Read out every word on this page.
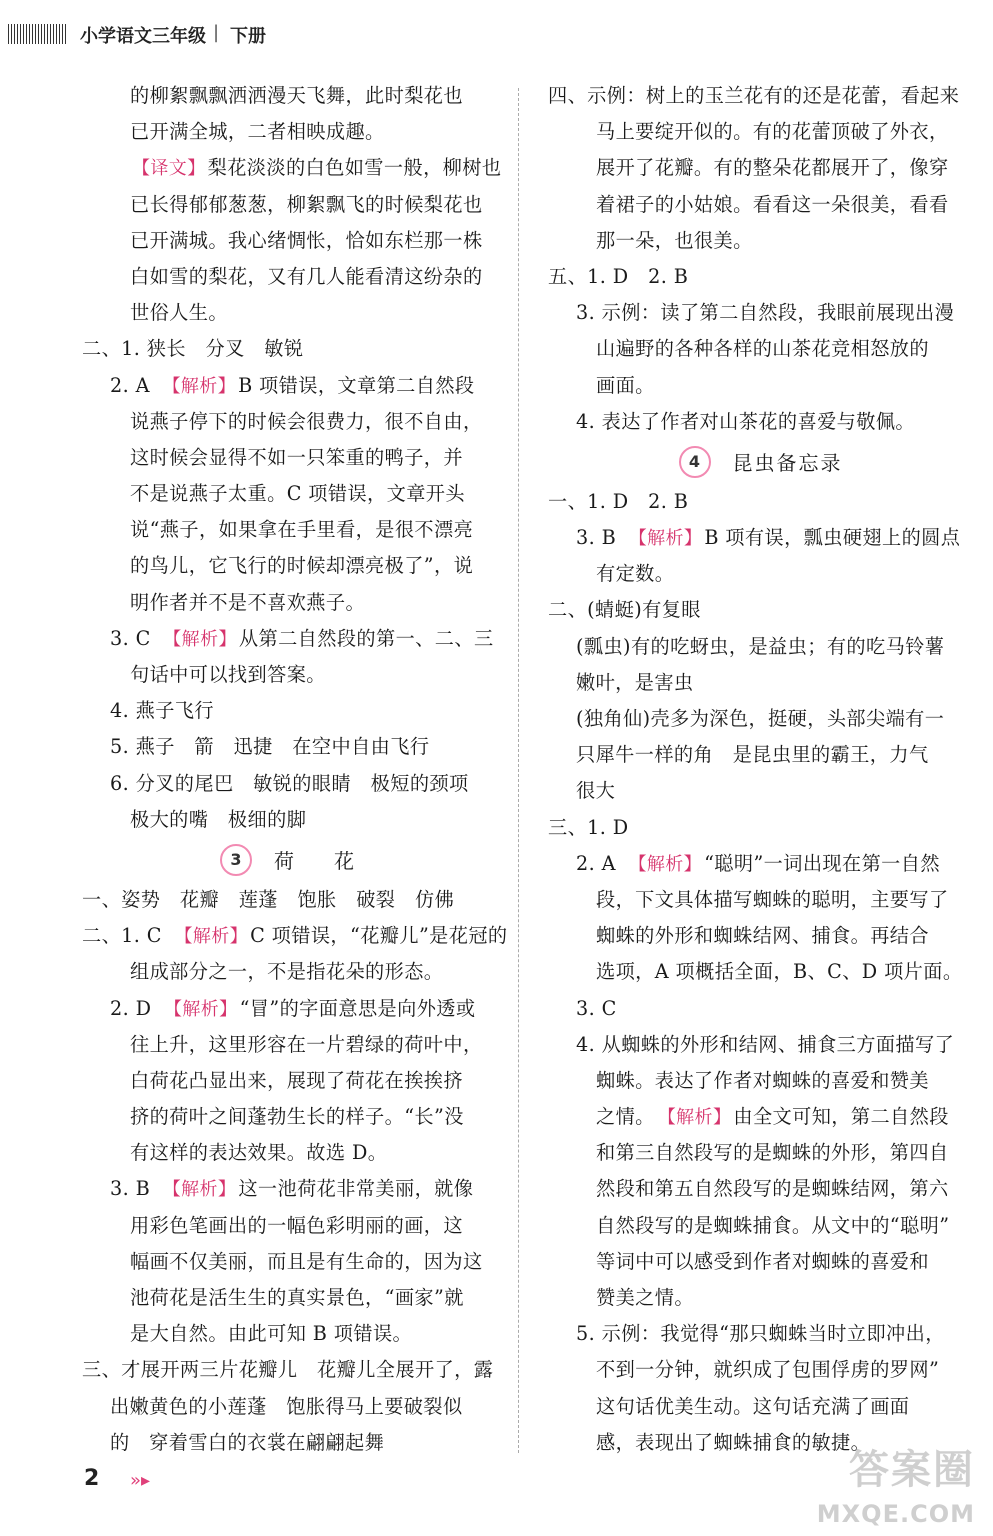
小学语文三年级 | 下册
的柳絮飘飘洒洒漫天飞舞，此时梨花也
已开满全城，二者相映成趣。
【译文】 梨花淡淡的白色如雪一般，柳树也
已长得郁郁葱葱，柳絮飘飞的时候梨花也
已开满城。我心绪惆怅，恰如东栏那一株
白如雪的梨花，又有几人能看清这纷杂的
世俗人生。
二、1. 狭长　分叉　敏锐
2. A　【解析】 B 项错误，文章第二自然段
说燕子停下的时候会很费力，很不自由，
这时候会显得不如一只笨重的鸭子，并
不是说燕子太重。C 项错误，文章开头
说“燕子，如果拿在手里看，是很不漂亮
的鸟儿，它飞行的时候却漂亮极了”，说
明作者并不是不喜欢燕子。
3. C　【解析】 从第二自然段的第一、二、三
句话中可以找到答案。
4. 燕子飞行
5. 燕子　箭　迅捷　在空中自由飞行
6. 分叉的尾巴　敏锐的眼睛　极短的颈项
极大的嘴　极细的脚
3	荷　花
一、姿势　花瓣　莲蓬　饱胀　破裂　仿佛
二、1. C　【解析】 C 项错误，“花瓣儿”是花冠的
组成部分之一，不是指花朵的形态。
2. D　【解析】 “冒”的字面意思是向外透或
往上升，这里形容在一片碧绿的荷叶中，
白荷花凸显出来，展现了荷花在挨挨挤
挤的荷叶之间蓬勃生长的样子。“长”没
有这样的表达效果。故选 D。
3. B　【解析】 这一池荷花非常美丽，就像
用彩色笔画出的一幅色彩明丽的画，这
幅画不仅美丽，而且是有生命的，因为这
池荷花是活生生的真实景色，“画家”就
是大自然。由此可知 B 项错误。
三、才展开两三片花瓣儿　花瓣儿全展开了，露
出嫩黄色的小莲蓬　饱胀得马上要破裂似
的　穿着雪白的衣裳在翩翩起舞
四、示例：树上的玉兰花有的还是花蕾，看起来
马上要绽开似的。有的花蕾顶破了外衣，
展开了花瓣。有的整朵花都展开了，像穿
着裙子的小姑娘。看看这一朵很美，看看
那一朵，也很美。
五、1. D　2. B
3. 示例：读了第二自然段，我眼前展现出漫
山遍野的各种各样的山茶花竞相怒放的
画面。
4. 表达了作者对山茶花的喜爱与敬佩。
4	昆虫备忘录
一、1. D　2. B
3. B　【解析】 B 项有误，瓢虫硬翅上的圆点
有定数。
二、(蜻蜓)有复眼
(瓢虫)有的吃蚜虫，是益虫；有的吃马铃薯
嫩叶，是害虫
(独角仙)壳多为深色，挺硬，头部尖端有一
只犀牛一样的角　是昆虫里的霸王，力气
很大
三、1. D
2. A　【解析】 “聪明”一词出现在第一自然
段，下文具体描写蜘蛛的聪明，主要写了
蜘蛛的外形和蜘蛛结网、捕食。再结合
选项，A 项概括全面，B、C、D 项片面。
3. C
4. 从蜘蛛的外形和结网、捕食三方面描写了
蜘蛛。表达了作者对蜘蛛的喜爱和赞美
之情。　【解析】 由全文可知，第二自然段
和第三自然段写的是蜘蛛的外形，第四自
然段和第五自然段写的是蜘蛛结网，第六
自然段写的是蜘蛛捕食。从文中的“聪明”
等词中可以感受到作者对蜘蛛的喜爱和
赞美之情。
5. 示例：我觉得“那只蜘蛛当时立即冲出，
不到一分钟，就织成了包围俘虏的罗网”
这句话优美生动。这句话充满了画面
感，表现出了蜘蛛捕食的敏捷。
2 »▸	答案圈
MXQE.COM
